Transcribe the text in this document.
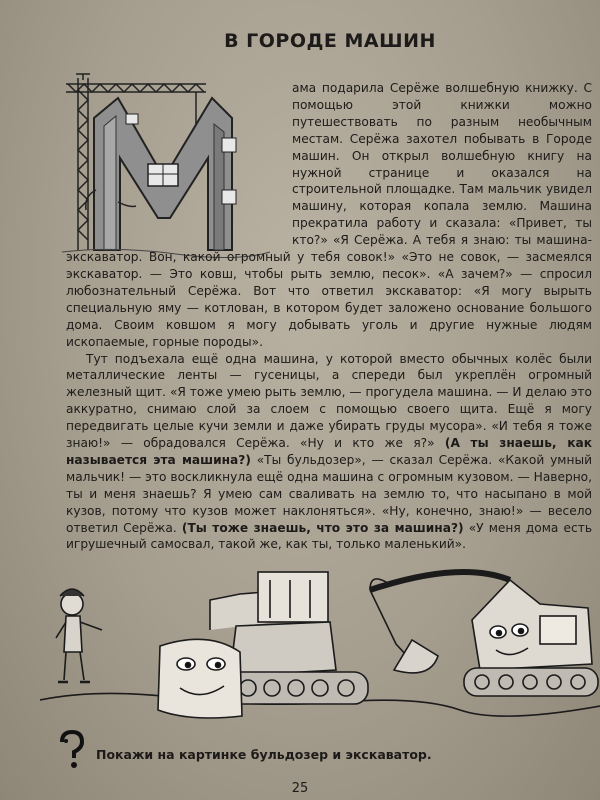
В ГОРОДЕ МАШИН

ама подарила Серёже волшебную книжку. С помощью этой книжки можно путешествовать по разным необычным местам. Серёжа захотел побывать в Городе машин. Он открыл волшебную книгу на нужной странице и оказался на строительной площадке. Там мальчик увидел машину, которая копала землю. Машина прекратила работу и сказала: «Привет, ты кто?» «Я Серёжа. А тебя я знаю: ты машина-экскаватор. Вон, какой огромный у тебя совок!» «Это не совок, — засмеялся экскаватор. — Это ковш, чтобы рыть землю, песок». «А зачем?» — спросил любознательный Серёжа. Вот что ответил экскаватор: «Я могу вырыть специальную яму — котлован, в котором будет заложено основание большого дома. Своим ковшом я могу добывать уголь и другие нужные людям ископаемые, горные породы».

Тут подъехала ещё одна машина, у которой вместо обычных колёс были металлические ленты — гусеницы, а спереди был укреплён огромный железный щит. «Я тоже умею рыть землю, — прогудела машина. — И делаю это аккуратно, снимаю слой за слоем с помощью своего щита. Ещё я могу передвигать целые кучи земли и даже убирать груды мусора». «И тебя я тоже знаю!» — обрадовался Серёжа. «Ну и кто же я?» (А ты знаешь, как называется эта машина?) «Ты бульдозер», — сказал Серёжа. «Какой умный мальчик! — это воскликнула ещё одна машина с огромным кузовом. — Наверно, ты и меня знаешь? Я умею сам сваливать на землю то, что насыпано в мой кузов, потому что кузов может наклоняться». «Ну, конечно, знаю!» — весело ответил Серёжа. (Ты тоже знаешь, что это за машина?) «У меня дома есть игрушечный самосвал, такой же, как ты, только маленький».

Покажи на картинке бульдозер и экскаватор.
25
